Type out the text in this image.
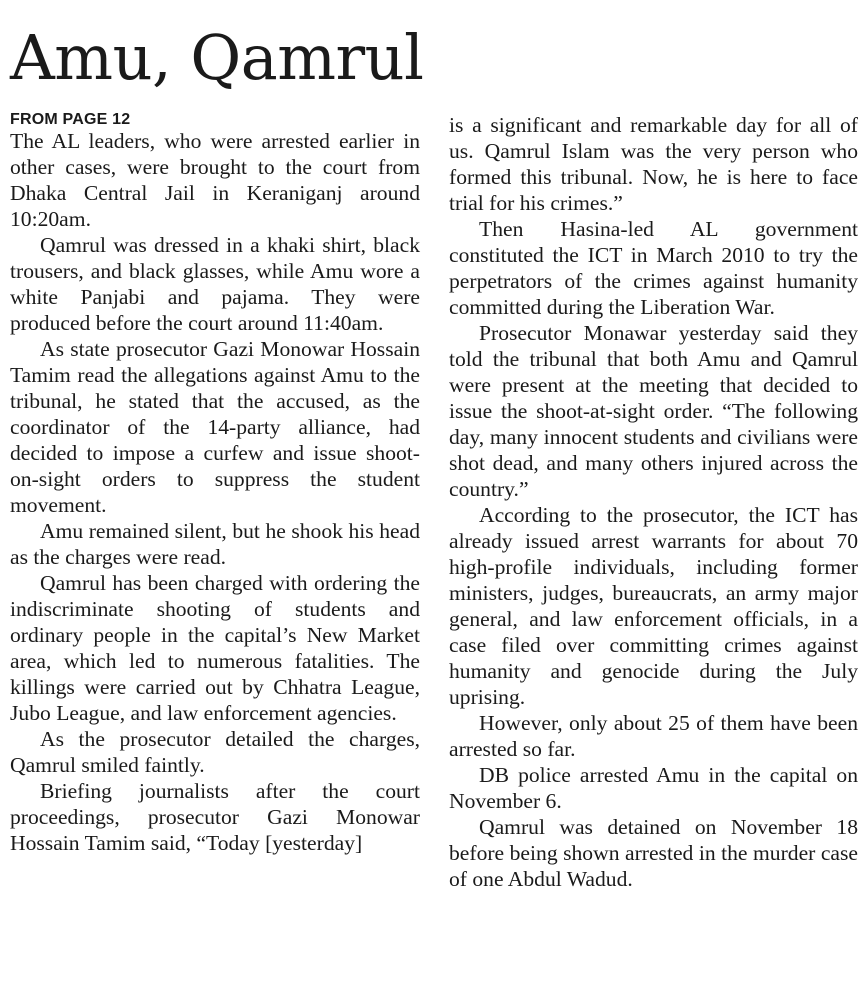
Amu, Qamrul
FROM PAGE 12

The AL leaders, who were arrested earlier in other cases, were brought to the court from Dhaka Central Jail in Keraniganj around 10:20am.

Qamrul was dressed in a khaki shirt, black trousers, and black glasses, while Amu wore a white Panjabi and pajama. They were produced before the court around 11:40am.

As state prosecutor Gazi Monowar Hossain Tamim read the allegations against Amu to the tribunal, he stated that the accused, as the coordinator of the 14-party alliance, had decided to impose a curfew and issue shoot-on-sight orders to suppress the student movement.

Amu remained silent, but he shook his head as the charges were read.

Qamrul has been charged with ordering the indiscriminate shooting of students and ordinary people in the capital’s New Market area, which led to numerous fatalities. The killings were carried out by Chhatra League, Jubo League, and law enforcement agencies.

As the prosecutor detailed the charges, Qamrul smiled faintly.

Briefing journalists after the court proceedings, prosecutor Gazi Monowar Hossain Tamim said, “Today [yesterday]

is a significant and remarkable day for all of us. Qamrul Islam was the very person who formed this tribunal. Now, he is here to face trial for his crimes.”

Then Hasina-led AL government constituted the ICT in March 2010 to try the perpetrators of the crimes against humanity committed during the Liberation War.

Prosecutor Monawar yesterday said they told the tribunal that both Amu and Qamrul were present at the meeting that decided to issue the shoot-at-sight order. “The following day, many innocent students and civilians were shot dead, and many others injured across the country.”

According to the prosecutor, the ICT has already issued arrest warrants for about 70 high-profile individuals, including former ministers, judges, bureaucrats, an army major general, and law enforcement officials, in a case filed over committing crimes against humanity and genocide during the July uprising.

However, only about 25 of them have been arrested so far.

DB police arrested Amu in the capital on November 6.

Qamrul was detained on November 18 before being shown arrested in the murder case of one Abdul Wadud.
